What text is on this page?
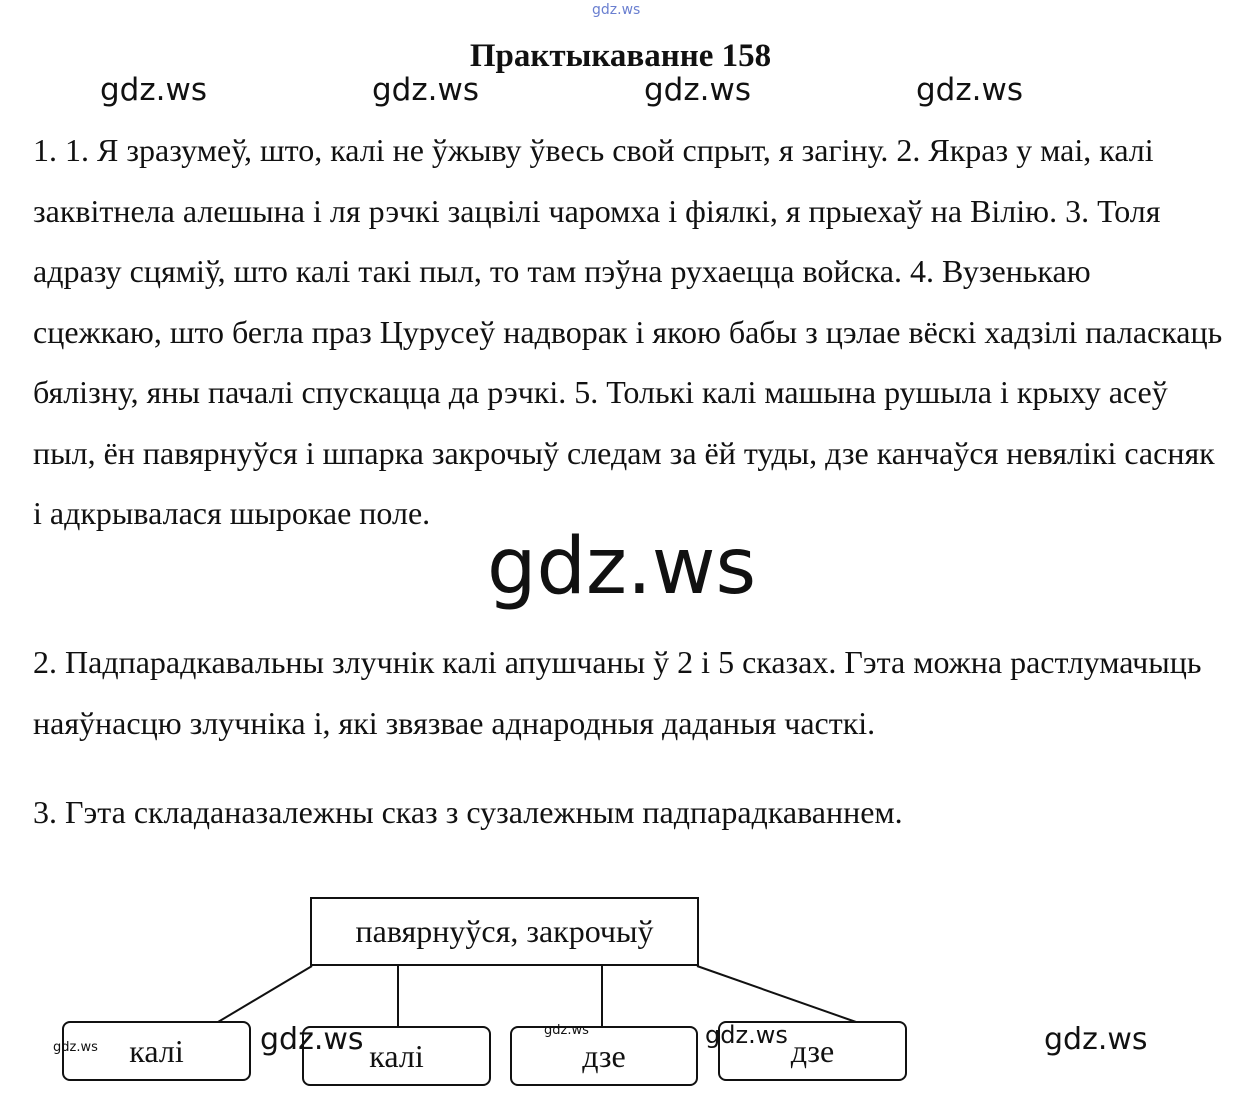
gdz.ws
gdz.ws	gdz.ws	gdz.ws	gdz.ws
Практыкаванне 158

1. 1. Я зразумеў, што, калі не ўжыву ўвесь свой спрыт, я загіну. 2. Якраз у маі, калі заквітнела алешына і ля рэчкі зацвілі чаромха і фіялкі, я прыехаў на Вілію. 3. Толя адразу сцяміў, што калі такі пыл, то там пэўна рухаецца войска. 4. Вузенькаю сцежкаю, што бегла праз Цурусеў надворак і якою бабы з цэлае вёскі хадзілі паласкаць бялізну, яны пачалі спускацца да рэчкі. 5. Толькі калі машына рушыла і крыху асеў пыл, ён павярнуўся і шпарка закрочыў следам за ёй туды, дзе канчаўся невялікі сасняк і адкрывалася шырокае поле.

2. Падпарадкавальны злучнік калі апушчаны ў 2 і 5 сказах. Гэта можна растлумачыць наяўнасцю злучніка і, які звязвае аднародныя даданыя часткі.

3. Гэта складаназалежны сказ з сузалежным падпарадкаваннем.

gdz.ws
павярнуўся, закрочыў
калі	калі	дзе	дзе
gdz.ws	gdz.ws	gdz.ws	gdz.ws	gdz.ws
